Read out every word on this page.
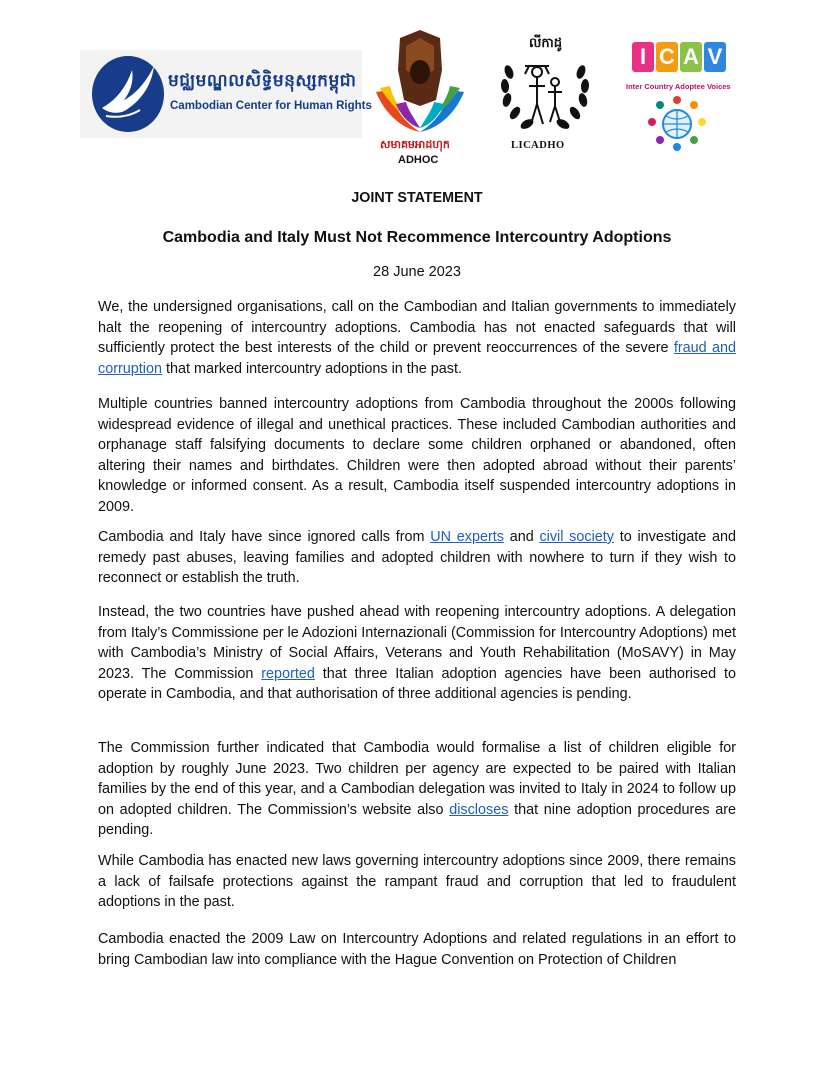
មជ្ឈមណ្ឌលសិទ្ធិមនុស្សកម្ពុជា
Cambodian Center for Human Rights
សមាគមអាដហុក
ADHOC
លីកាដូ
LICADHO
I C A V
Inter Country Adoptee Voices
JOINT STATEMENT
Cambodia and Italy Must Not Recommence Intercountry Adoptions
28 June 2023
We, the undersigned organisations, call on the Cambodian and Italian governments to immediately halt the reopening of intercountry adoptions. Cambodia has not enacted safeguards that will sufficiently protect the best interests of the child or prevent reoccurrences of the severe fraud and corruption that marked intercountry adoptions in the past.
Multiple countries banned intercountry adoptions from Cambodia throughout the 2000s following widespread evidence of illegal and unethical practices. These included Cambodian authorities and orphanage staff falsifying documents to declare some children orphaned or abandoned, often altering their names and birthdates. Children were then adopted abroad without their parents’ knowledge or informed consent. As a result, Cambodia itself suspended intercountry adoptions in 2009.
Cambodia and Italy have since ignored calls from UN experts and civil society to investigate and remedy past abuses, leaving families and adopted children with nowhere to turn if they wish to reconnect or establish the truth.
Instead, the two countries have pushed ahead with reopening intercountry adoptions. A delegation from Italy’s Commissione per le Adozioni Internazionali (Commission for Intercountry Adoptions) met with Cambodia’s Ministry of Social Affairs, Veterans and Youth Rehabilitation (MoSAVY) in May 2023. The Commission reported that three Italian adoption agencies have been authorised to operate in Cambodia, and that authorisation of three additional agencies is pending.
The Commission further indicated that Cambodia would formalise a list of children eligible for adoption by roughly June 2023. Two children per agency are expected to be paired with Italian families by the end of this year, and a Cambodian delegation was invited to Italy in 2024 to follow up on adopted children. The Commission’s website also discloses that nine adoption procedures are pending.
While Cambodia has enacted new laws governing intercountry adoptions since 2009, there remains a lack of failsafe protections against the rampant fraud and corruption that led to fraudulent adoptions in the past.
Cambodia enacted the 2009 Law on Intercountry Adoptions and related regulations in an effort to bring Cambodian law into compliance with the Hague Convention on Protection of Children
